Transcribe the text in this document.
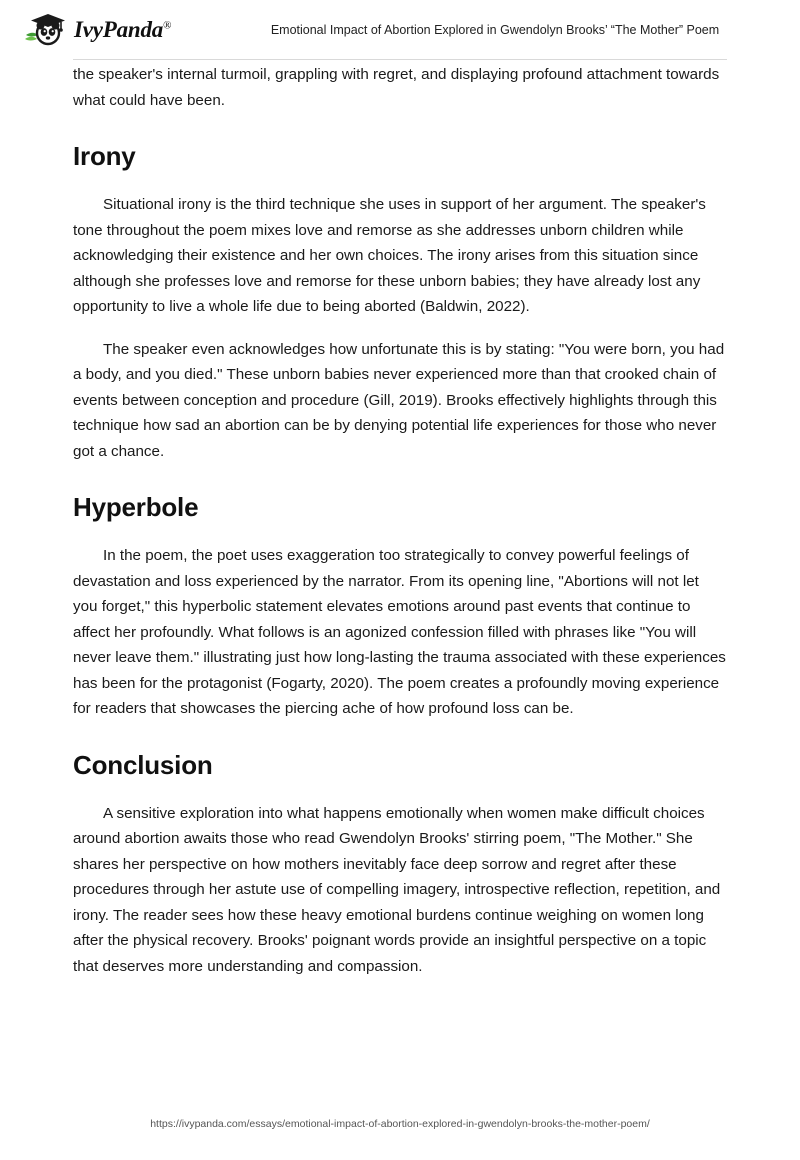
IvyPanda®	Emotional Impact of Abortion Explored in Gwendolyn Brooks’ “The Mother” Poem

the speaker's internal turmoil, grappling with regret, and displaying profound attachment towards what could have been.

Irony

Situational irony is the third technique she uses in support of her argument. The speaker's tone throughout the poem mixes love and remorse as she addresses unborn children while acknowledging their existence and her own choices. The irony arises from this situation since although she professes love and remorse for these unborn babies; they have already lost any opportunity to live a whole life due to being aborted (Baldwin, 2022).

The speaker even acknowledges how unfortunate this is by stating: "You were born, you had a body, and you died." These unborn babies never experienced more than that crooked chain of events between conception and procedure (Gill, 2019). Brooks effectively highlights through this technique how sad an abortion can be by denying potential life experiences for those who never got a chance.

Hyperbole

In the poem, the poet uses exaggeration too strategically to convey powerful feelings of devastation and loss experienced by the narrator. From its opening line, "Abortions will not let you forget," this hyperbolic statement elevates emotions around past events that continue to affect her profoundly. What follows is an agonized confession filled with phrases like "You will never leave them." illustrating just how long-lasting the trauma associated with these experiences has been for the protagonist (Fogarty, 2020). The poem creates a profoundly moving experience for readers that showcases the piercing ache of how profound loss can be.

Conclusion

A sensitive exploration into what happens emotionally when women make difficult choices around abortion awaits those who read Gwendolyn Brooks' stirring poem, "The Mother." She shares her perspective on how mothers inevitably face deep sorrow and regret after these procedures through her astute use of compelling imagery, introspective reflection, repetition, and irony. The reader sees how these heavy emotional burdens continue weighing on women long after the physical recovery. Brooks' poignant words provide an insightful perspective on a topic that deserves more understanding and compassion.

https://ivypanda.com/essays/emotional-impact-of-abortion-explored-in-gwendolyn-brooks-the-mother-poem/
